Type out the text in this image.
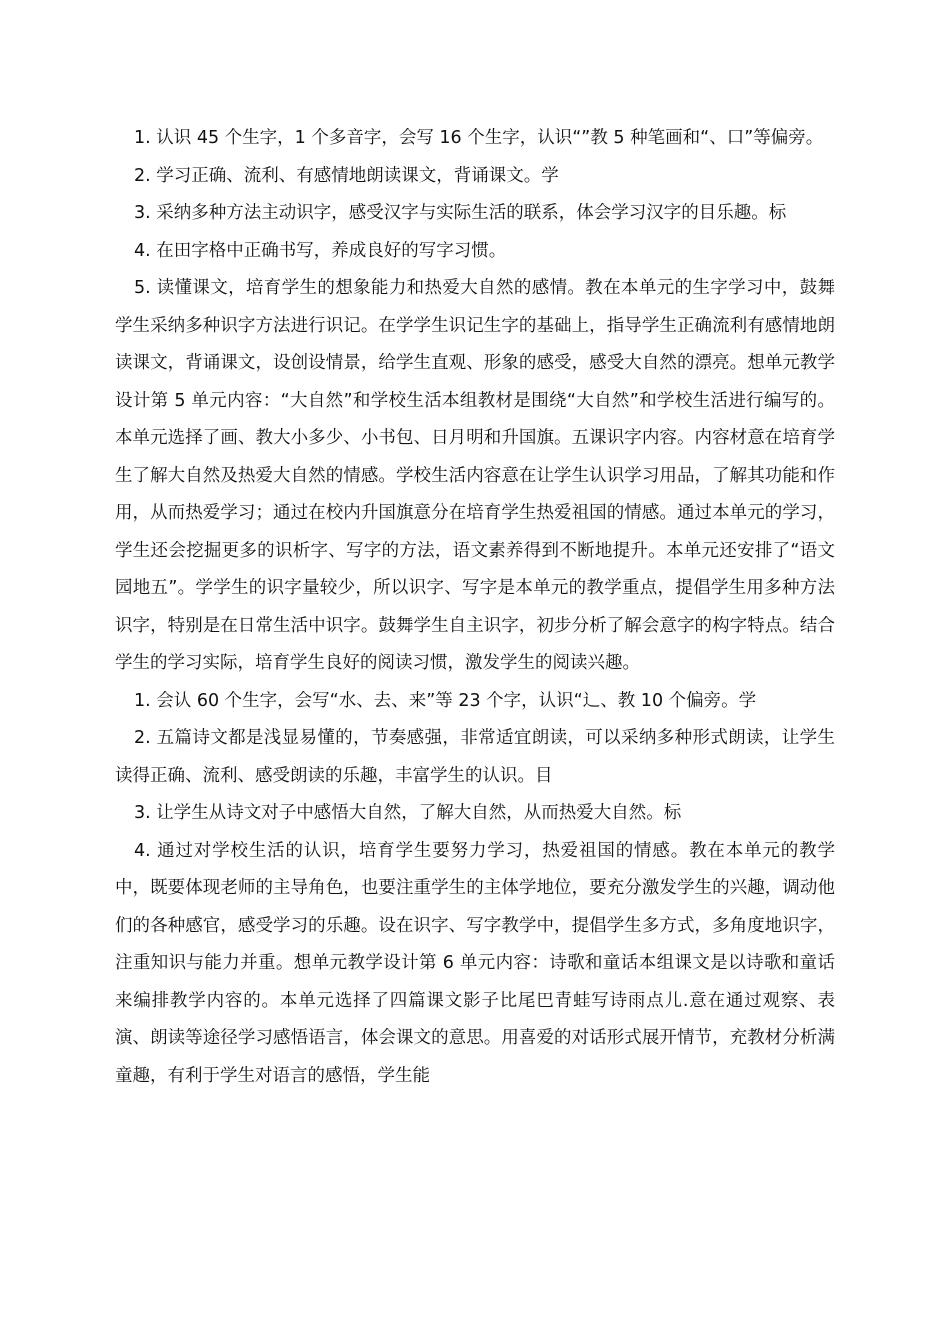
1. 认识 45 个生字，1 个多音字，会写 16 个生字，认识“”教 5 种笔画和“、口”等偏旁。

2. 学习正确、流利、有感情地朗读课文，背诵课文。学

3. 采纳多种方法主动识字，感受汉字与实际生活的联系，体会学习汉字的目乐趣。标

4. 在田字格中正确书写，养成良好的写字习惯。

5. 读懂课文，培育学生的想象能力和热爱大自然的感情。教在本单元的生字学习中，鼓舞学生采纳多种识字方法进行识记。在学学生识记生字的基础上，指导学生正确流利有感情地朗读课文，背诵课文，设创设情景，给学生直观、形象的感受，感受大自然的漂亮。想单元教学设计第 5 单元内容：“大自然”和学校生活本组教材是围绕“大自然”和学校生活进行编写的。本单元选择了画、教大小多少、小书包、日月明和升国旗。五课识字内容。内容材意在培育学生了解大自然及热爱大自然的情感。学校生活内容意在让学生认识学习用品，了解其功能和作用，从而热爱学习；通过在校内升国旗意分在培育学生热爱祖国的情感。通过本单元的学习，学生还会挖掘更多的识析字、写字的方法，语文素养得到不断地提升。本单元还安排了“语文园地五”。学学生的识字量较少，所以识字、写字是本单元的教学重点，提倡学生用多种方法识字，特别是在日常生活中识字。鼓舞学生自主识字，初步分析了解会意字的构字特点。结合学生的学习实际，培育学生良好的阅读习惯，激发学生的阅读兴趣。

1. 会认 60 个生字，会写“水、去、来”等 23 个字，认识“辶、教 10 个偏旁。学

2. 五篇诗文都是浅显易懂的，节奏感强，非常适宜朗读，可以采纳多种形式朗读，让学生读得正确、流利、感受朗读的乐趣，丰富学生的认识。目

3. 让学生从诗文对子中感悟大自然，了解大自然，从而热爱大自然。标

4. 通过对学校生活的认识，培育学生要努力学习，热爱祖国的情感。教在本单元的教学中，既要体现老师的主导角色，也要注重学生的主体学地位，要充分激发学生的兴趣，调动他们的各种感官，感受学习的乐趣。设在识字、写字教学中，提倡学生多方式，多角度地识字，注重知识与能力并重。想单元教学设计第 6 单元内容：诗歌和童话本组课文是以诗歌和童话来编排教学内容的。本单元选择了四篇课文影子比尾巴青蛙写诗雨点儿.意在通过观察、表演、朗读等途径学习感悟语言，体会课文的意思。用喜爱的对话形式展开情节，充教材分析满童趣，有利于学生对语言的感悟，学生能
